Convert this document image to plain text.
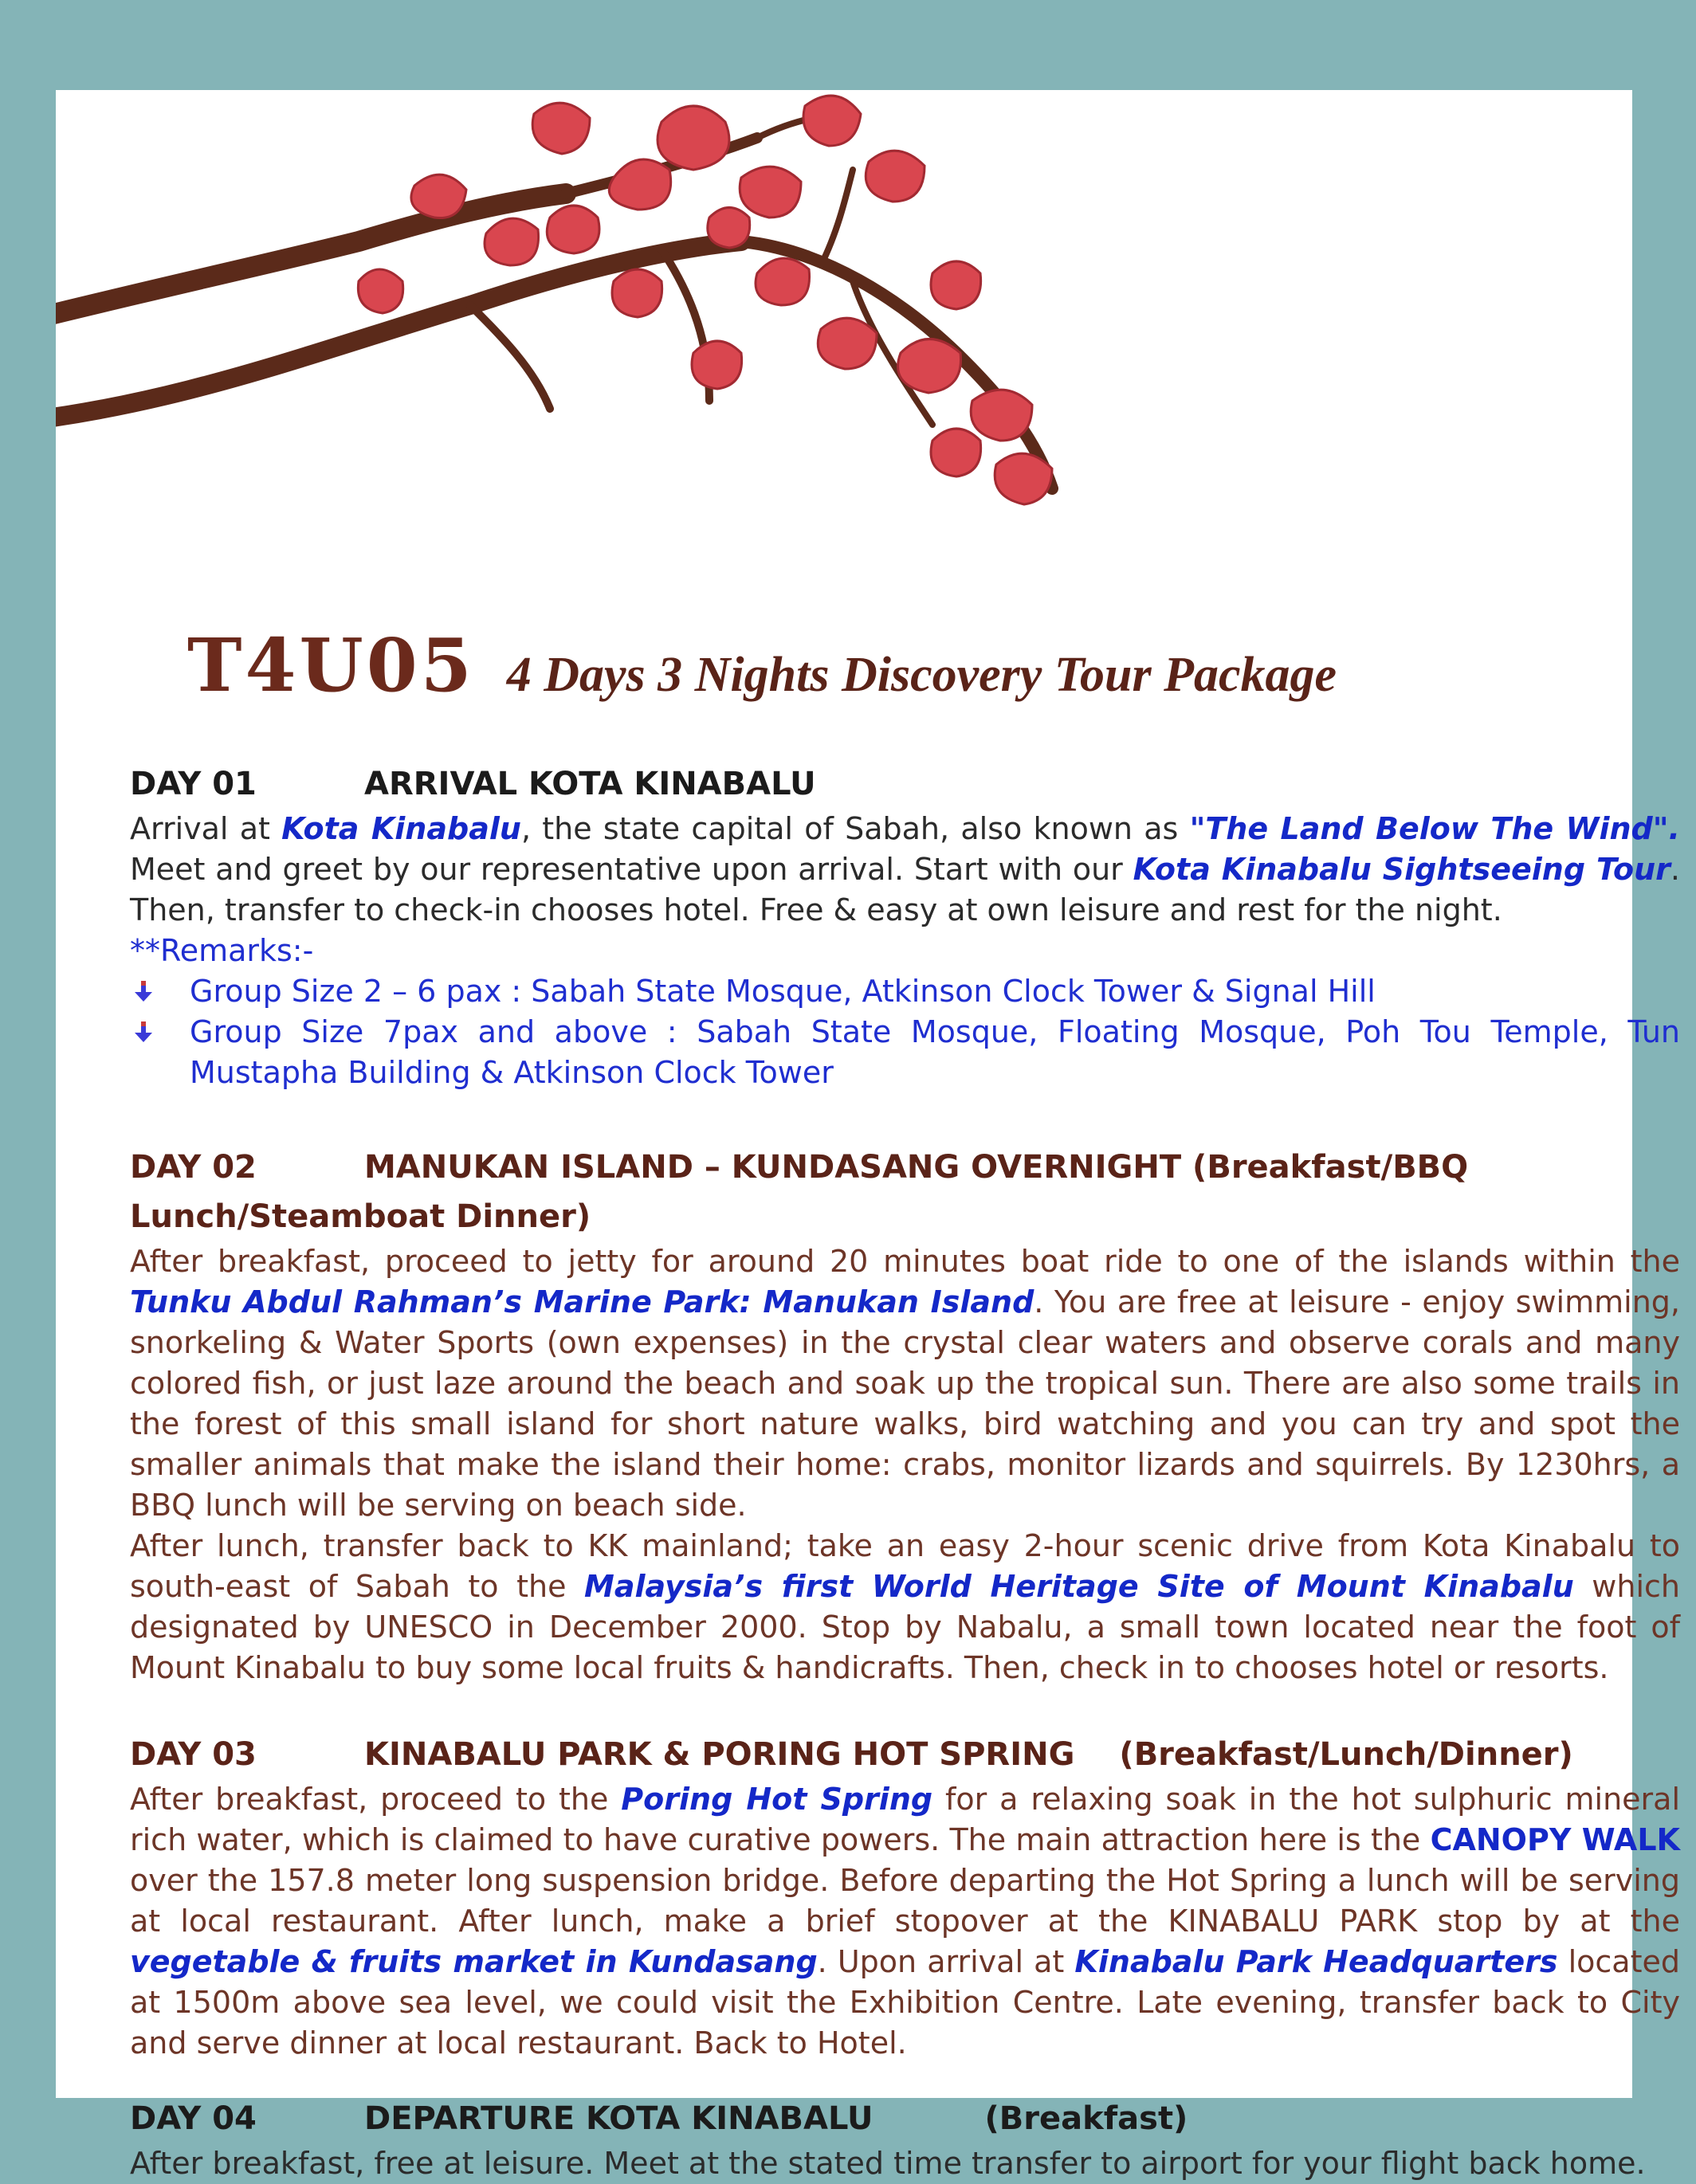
T4U05 4 Days 3 Nights Discovery Tour Package

DAY 01	ARRIVAL KOTA KINABALU

Arrival at Kota Kinabalu, the state capital of Sabah, also known as "The Land Below The Wind". Meet and greet by our representative upon arrival. Start with our Kota Kinabalu Sightseeing Tour. Then, transfer to check-in chooses hotel. Free & easy at own leisure and rest for the night.

**Remarks:-

Group Size 2 – 6 pax : Sabah State Mosque, Atkinson Clock Tower & Signal Hill
Group Size 7pax and above : Sabah State Mosque, Floating Mosque, Poh Tou Temple, Tun Mustapha Building & Atkinson Clock Tower

DAY 02	MANUKAN ISLAND – KUNDASANG OVERNIGHT (Breakfast/BBQ Lunch/Steamboat Dinner)

After breakfast, proceed to jetty for around 20 minutes boat ride to one of the islands within the Tunku Abdul Rahman’s Marine Park: Manukan Island. You are free at leisure - enjoy swimming, snorkeling & Water Sports (own expenses) in the crystal clear waters and observe corals and many colored fish, or just laze around the beach and soak up the tropical sun. There are also some trails in the forest of this small island for short nature walks, bird watching and you can try and spot the smaller animals that make the island their home: crabs, monitor lizards and squirrels. By 1230hrs, a BBQ lunch will be serving on beach side.

After lunch, transfer back to KK mainland; take an easy 2-hour scenic drive from Kota Kinabalu to south-east of Sabah to the Malaysia’s first World Heritage Site of Mount Kinabalu which designated by UNESCO in December 2000. Stop by Nabalu, a small town located near the foot of Mount Kinabalu to buy some local fruits & handicrafts. Then, check in to chooses hotel or resorts.

DAY 03	KINABALU PARK & PORING HOT SPRING (Breakfast/Lunch/Dinner)

After breakfast, proceed to the Poring Hot Spring for a relaxing soak in the hot sulphuric mineral rich water, which is claimed to have curative powers. The main attraction here is the CANOPY WALK over the 157.8 meter long suspension bridge. Before departing the Hot Spring a lunch will be serving at local restaurant. After lunch, make a brief stopover at the KINABALU PARK stop by at the vegetable & fruits market in Kundasang. Upon arrival at Kinabalu Park Headquarters located at 1500m above sea level, we could visit the Exhibition Centre. Late evening, transfer back to City and serve dinner at local restaurant. Back to Hotel.

DAY 04	DEPARTURE KOTA KINABALU	(Breakfast)

After breakfast, free at leisure. Meet at the stated time transfer to airport for your flight back home.
